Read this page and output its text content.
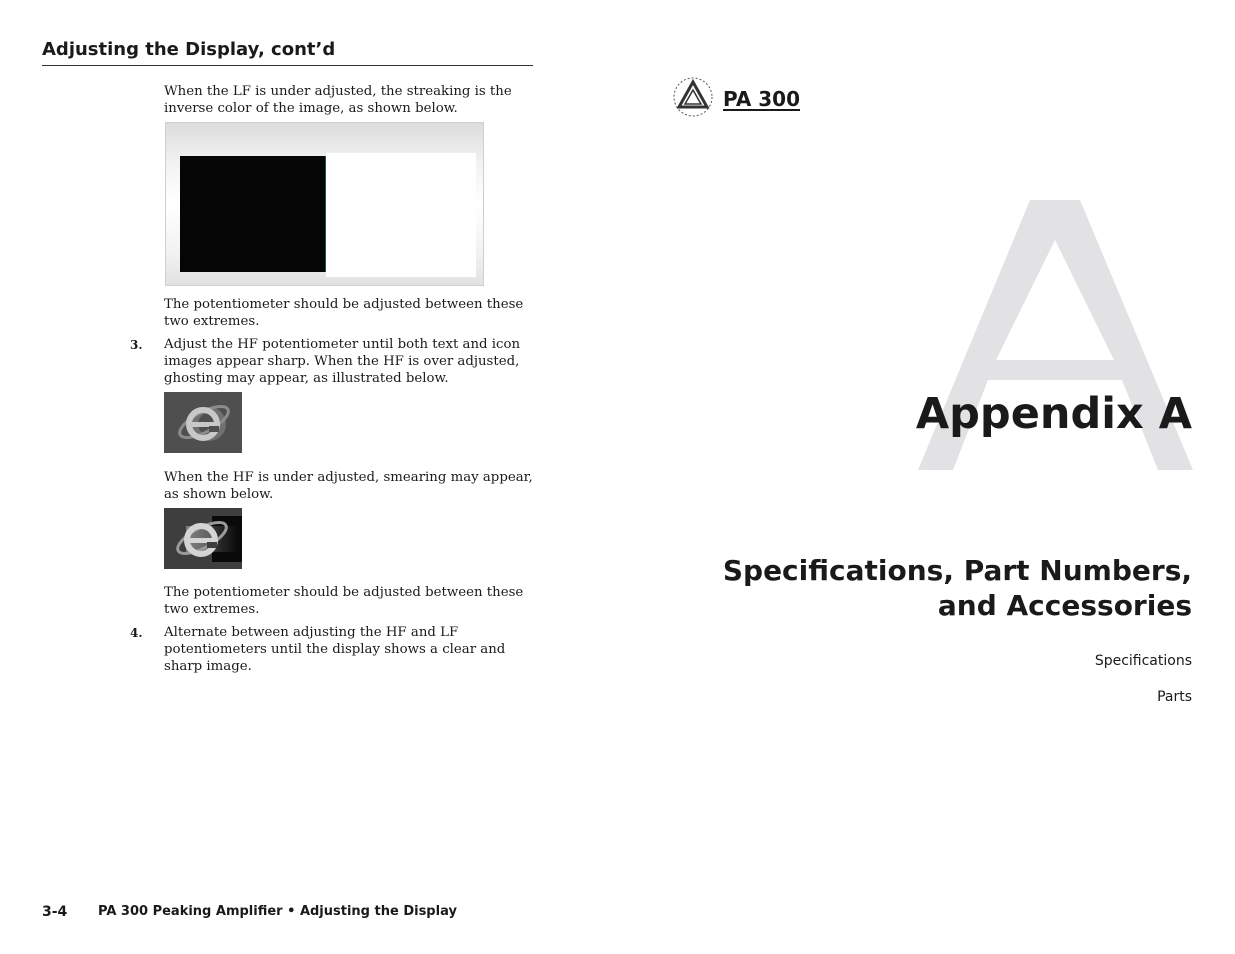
Adjusting the Display, cont’d
When the LF is under adjusted, the streaking is the inverse color of the image, as shown below.
The potentiometer should be adjusted between these two extremes.
3. Adjust the HF potentiometer until both text and icon images appear sharp. When the HF is over adjusted, ghosting may appear, as illustrated below.
When the HF is under adjusted, smearing may appear, as shown below.
The potentiometer should be adjusted between these two extremes.
4. Alternate between adjusting the HF and LF potentiometers until the display shows a clear and sharp image.
3-4 PA 300 Peaking Amplifier • Adjusting the Display
PA 300
Appendix A
Specifications, Part Numbers,
and Accessories
Specifications
Parts
